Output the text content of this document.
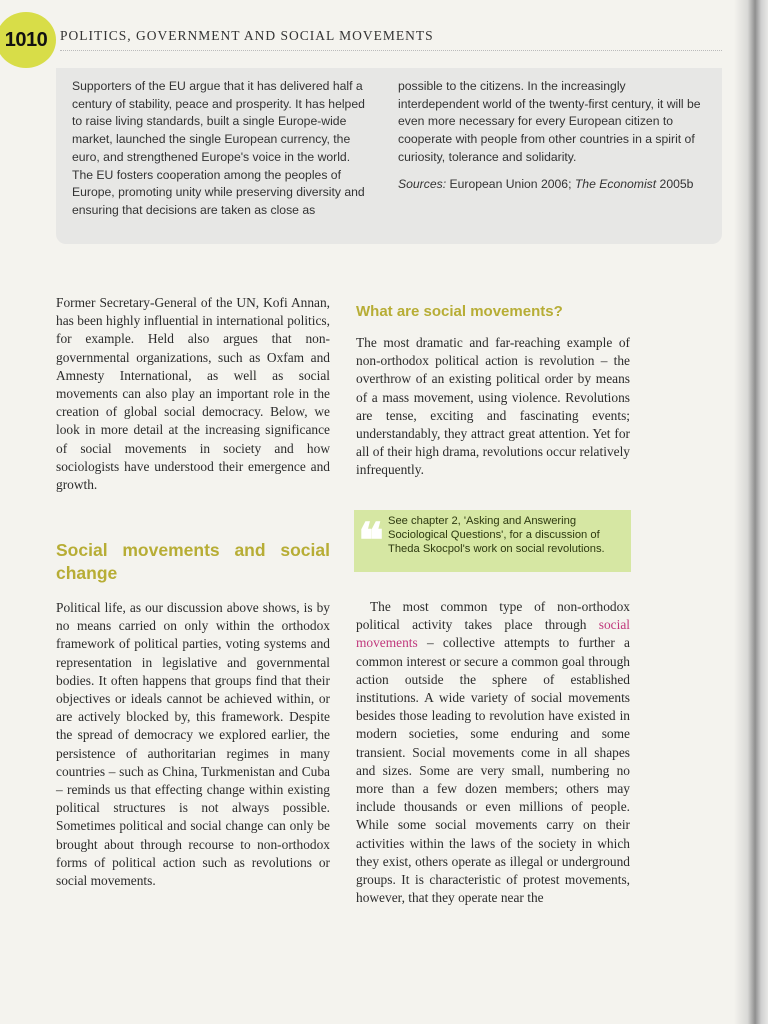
1010 POLITICS, GOVERNMENT AND SOCIAL MOVEMENTS

Supporters of the EU argue that it has delivered half a century of stability, peace and prosperity. It has helped to raise living standards, built a single Europe-wide market, launched the single European currency, the euro, and strengthened Europe's voice in the world. The EU fosters cooperation among the peoples of Europe, promoting unity while preserving diversity and ensuring that decisions are taken as close as

possible to the citizens. In the increasingly interdependent world of the twenty-first century, it will be even more necessary for every European citizen to cooperate with people from other countries in a spirit of curiosity, tolerance and solidarity.

Sources: European Union 2006; The Economist 2005b

Former Secretary-General of the UN, Kofi Annan, has been highly influential in international politics, for example. Held also argues that non-governmental organizations, such as Oxfam and Amnesty International, as well as social movements can also play an important role in the creation of global social democracy. Below, we look in more detail at the increasing significance of social movements in society and how sociologists have understood their emergence and growth.

Social movements and social change

Political life, as our discussion above shows, is by no means carried on only within the orthodox framework of political parties, voting systems and representation in legislative and governmental bodies. It often happens that groups find that their objectives or ideals cannot be achieved within, or are actively blocked by, this framework. Despite the spread of democracy we explored earlier, the persistence of authoritarian regimes in many countries – such as China, Turkmenistan and Cuba – reminds us that effecting change within existing political structures is not always possible. Sometimes political and social change can only be brought about through recourse to non-orthodox forms of political action such as revolutions or social movements.

What are social movements?

The most dramatic and far-reaching example of non-orthodox political action is revolution – the overthrow of an existing political order by means of a mass movement, using violence. Revolutions are tense, exciting and fascinating events; understandably, they attract great attention. Yet for all of their high drama, revolutions occur relatively infrequently.

The most common type of non-orthodox political activity takes place through social movements – collective attempts to further a common interest or secure a common goal through action outside the sphere of established institutions. A wide variety of social movements besides those leading to revolution have existed in modern societies, some enduring and some transient. Social movements come in all shapes and sizes. Some are very small, numbering no more than a few dozen members; others may include thousands or even millions of people. While some social movements carry on their activities within the laws of the society in which they exist, others operate as illegal or underground groups. It is characteristic of protest movements, however, that they operate near the

❝ See chapter 2, 'Asking and Answering Sociological Questions', for a discussion of Theda Skocpol's work on social revolutions.
